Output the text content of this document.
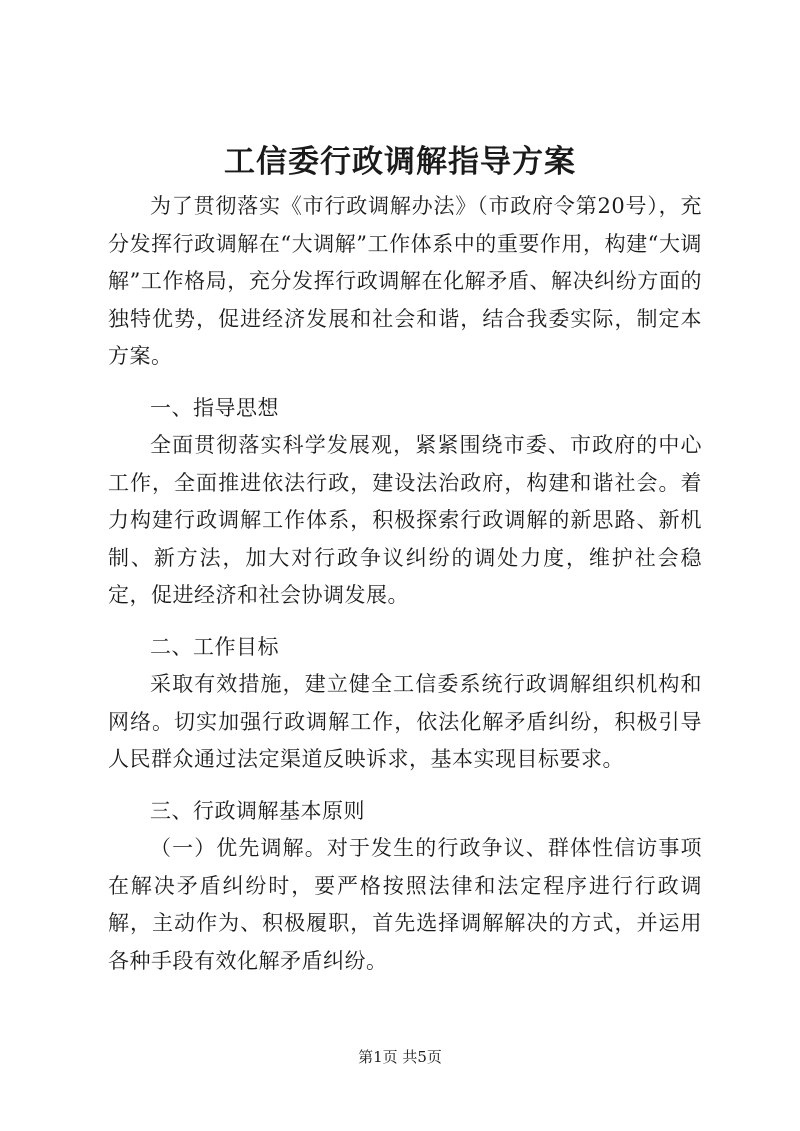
工信委行政调解指导方案

为了贯彻落实《市行政调解办法》（市政府令第20号），充分发挥行政调解在“大调解”工作体系中的重要作用，构建“大调解”工作格局，充分发挥行政调解在化解矛盾、解决纠纷方面的独特优势，促进经济发展和社会和谐，结合我委实际，制定本方案。

一、指导思想

全面贯彻落实科学发展观，紧紧围绕市委、市政府的中心工作，全面推进依法行政，建设法治政府，构建和谐社会。着力构建行政调解工作体系，积极探索行政调解的新思路、新机制、新方法，加大对行政争议纠纷的调处力度，维护社会稳定，促进经济和社会协调发展。

二、工作目标

采取有效措施，建立健全工信委系统行政调解组织机构和网络。切实加强行政调解工作，依法化解矛盾纠纷，积极引导人民群众通过法定渠道反映诉求，基本实现目标要求。

三、行政调解基本原则

（一）优先调解。对于发生的行政争议、群体性信访事项在解决矛盾纠纷时，要严格按照法律和法定程序进行行政调解，主动作为、积极履职，首先选择调解解决的方式，并运用各种手段有效化解矛盾纠纷。

第1页 共5页
